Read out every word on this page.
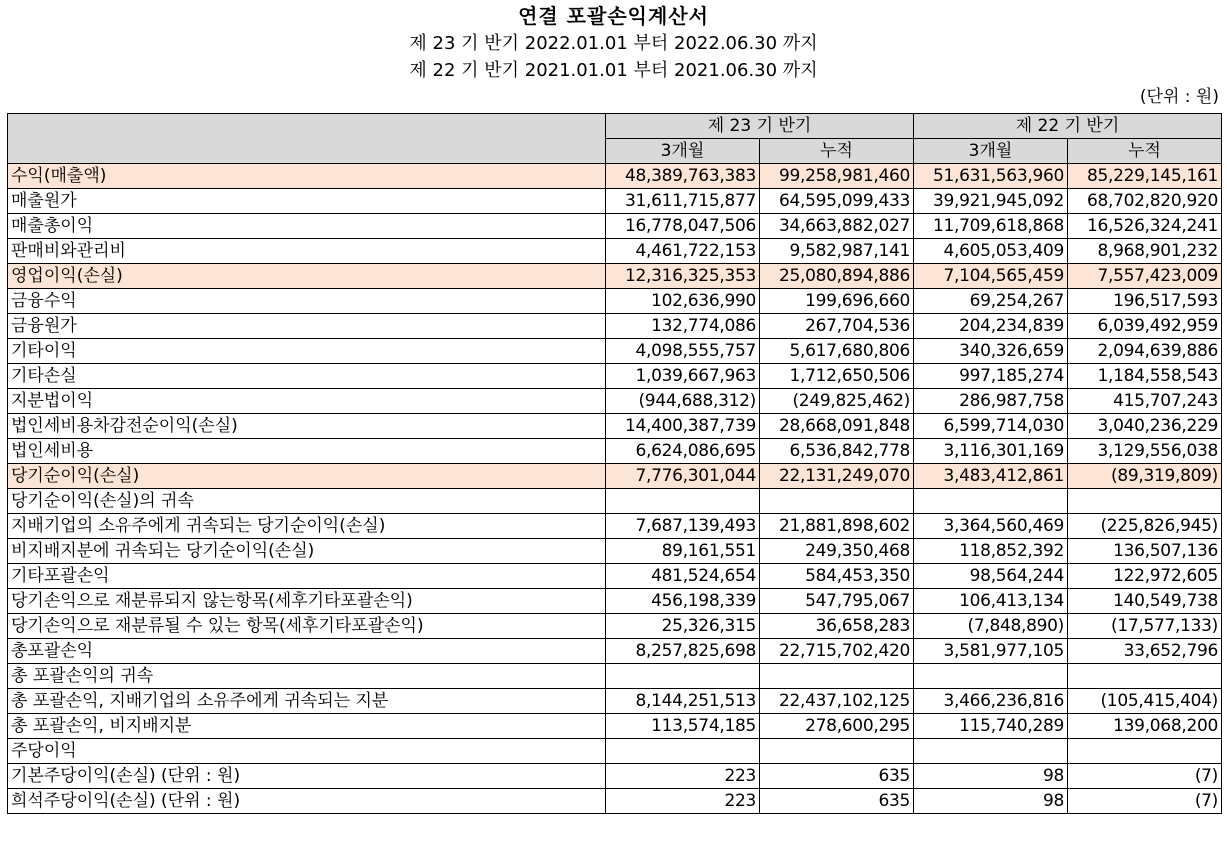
연결 포괄손익계산서
제 23 기 반기 2022.01.01 부터 2022.06.30 까지
제 22 기 반기 2021.01.01 부터 2021.06.30 까지
(단위 : 원)
	제 23 기 반기		제 22 기 반기	
	3개월	누적	3개월	누적
수익(매출액)	48,389,763,383	99,258,981,460	51,631,563,960	85,229,145,161
매출원가	31,611,715,877	64,595,099,433	39,921,945,092	68,702,820,920
매출총이익	16,778,047,506	34,663,882,027	11,709,618,868	16,526,324,241
판매비와관리비	4,461,722,153	9,582,987,141	4,605,053,409	8,968,901,232
영업이익(손실)	12,316,325,353	25,080,894,886	7,104,565,459	7,557,423,009
금융수익	102,636,990	199,696,660	69,254,267	196,517,593
금융원가	132,774,086	267,704,536	204,234,839	6,039,492,959
기타이익	4,098,555,757	5,617,680,806	340,326,659	2,094,639,886
기타손실	1,039,667,963	1,712,650,506	997,185,274	1,184,558,543
지분법이익	(944,688,312)	(249,825,462)	286,987,758	415,707,243
법인세비용차감전순이익(손실)	14,400,387,739	28,668,091,848	6,599,714,030	3,040,236,229
법인세비용	6,624,086,695	6,536,842,778	3,116,301,169	3,129,556,038
당기순이익(손실)	7,776,301,044	22,131,249,070	3,483,412,861	(89,319,809)
당기순이익(손실)의 귀속				
지배기업의 소유주에게 귀속되는 당기순이익(손실)	7,687,139,493	21,881,898,602	3,364,560,469	(225,826,945)
비지배지분에 귀속되는 당기순이익(손실)	89,161,551	249,350,468	118,852,392	136,507,136
기타포괄손익	481,524,654	584,453,350	98,564,244	122,972,605
당기손익으로 재분류되지 않는항목(세후기타포괄손익)	456,198,339	547,795,067	106,413,134	140,549,738
당기손익으로 재분류될 수 있는 항목(세후기타포괄손익)	25,326,315	36,658,283	(7,848,890)	(17,577,133)
총포괄손익	8,257,825,698	22,715,702,420	3,581,977,105	33,652,796
총 포괄손익의 귀속				
총 포괄손익, 지배기업의 소유주에게 귀속되는 지분	8,144,251,513	22,437,102,125	3,466,236,816	(105,415,404)
총 포괄손익, 비지배지분	113,574,185	278,600,295	115,740,289	139,068,200
주당이익				
기본주당이익(손실) (단위 : 원)	223	635	98	(7)
희석주당이익(손실) (단위 : 원)	223	635	98	(7)
